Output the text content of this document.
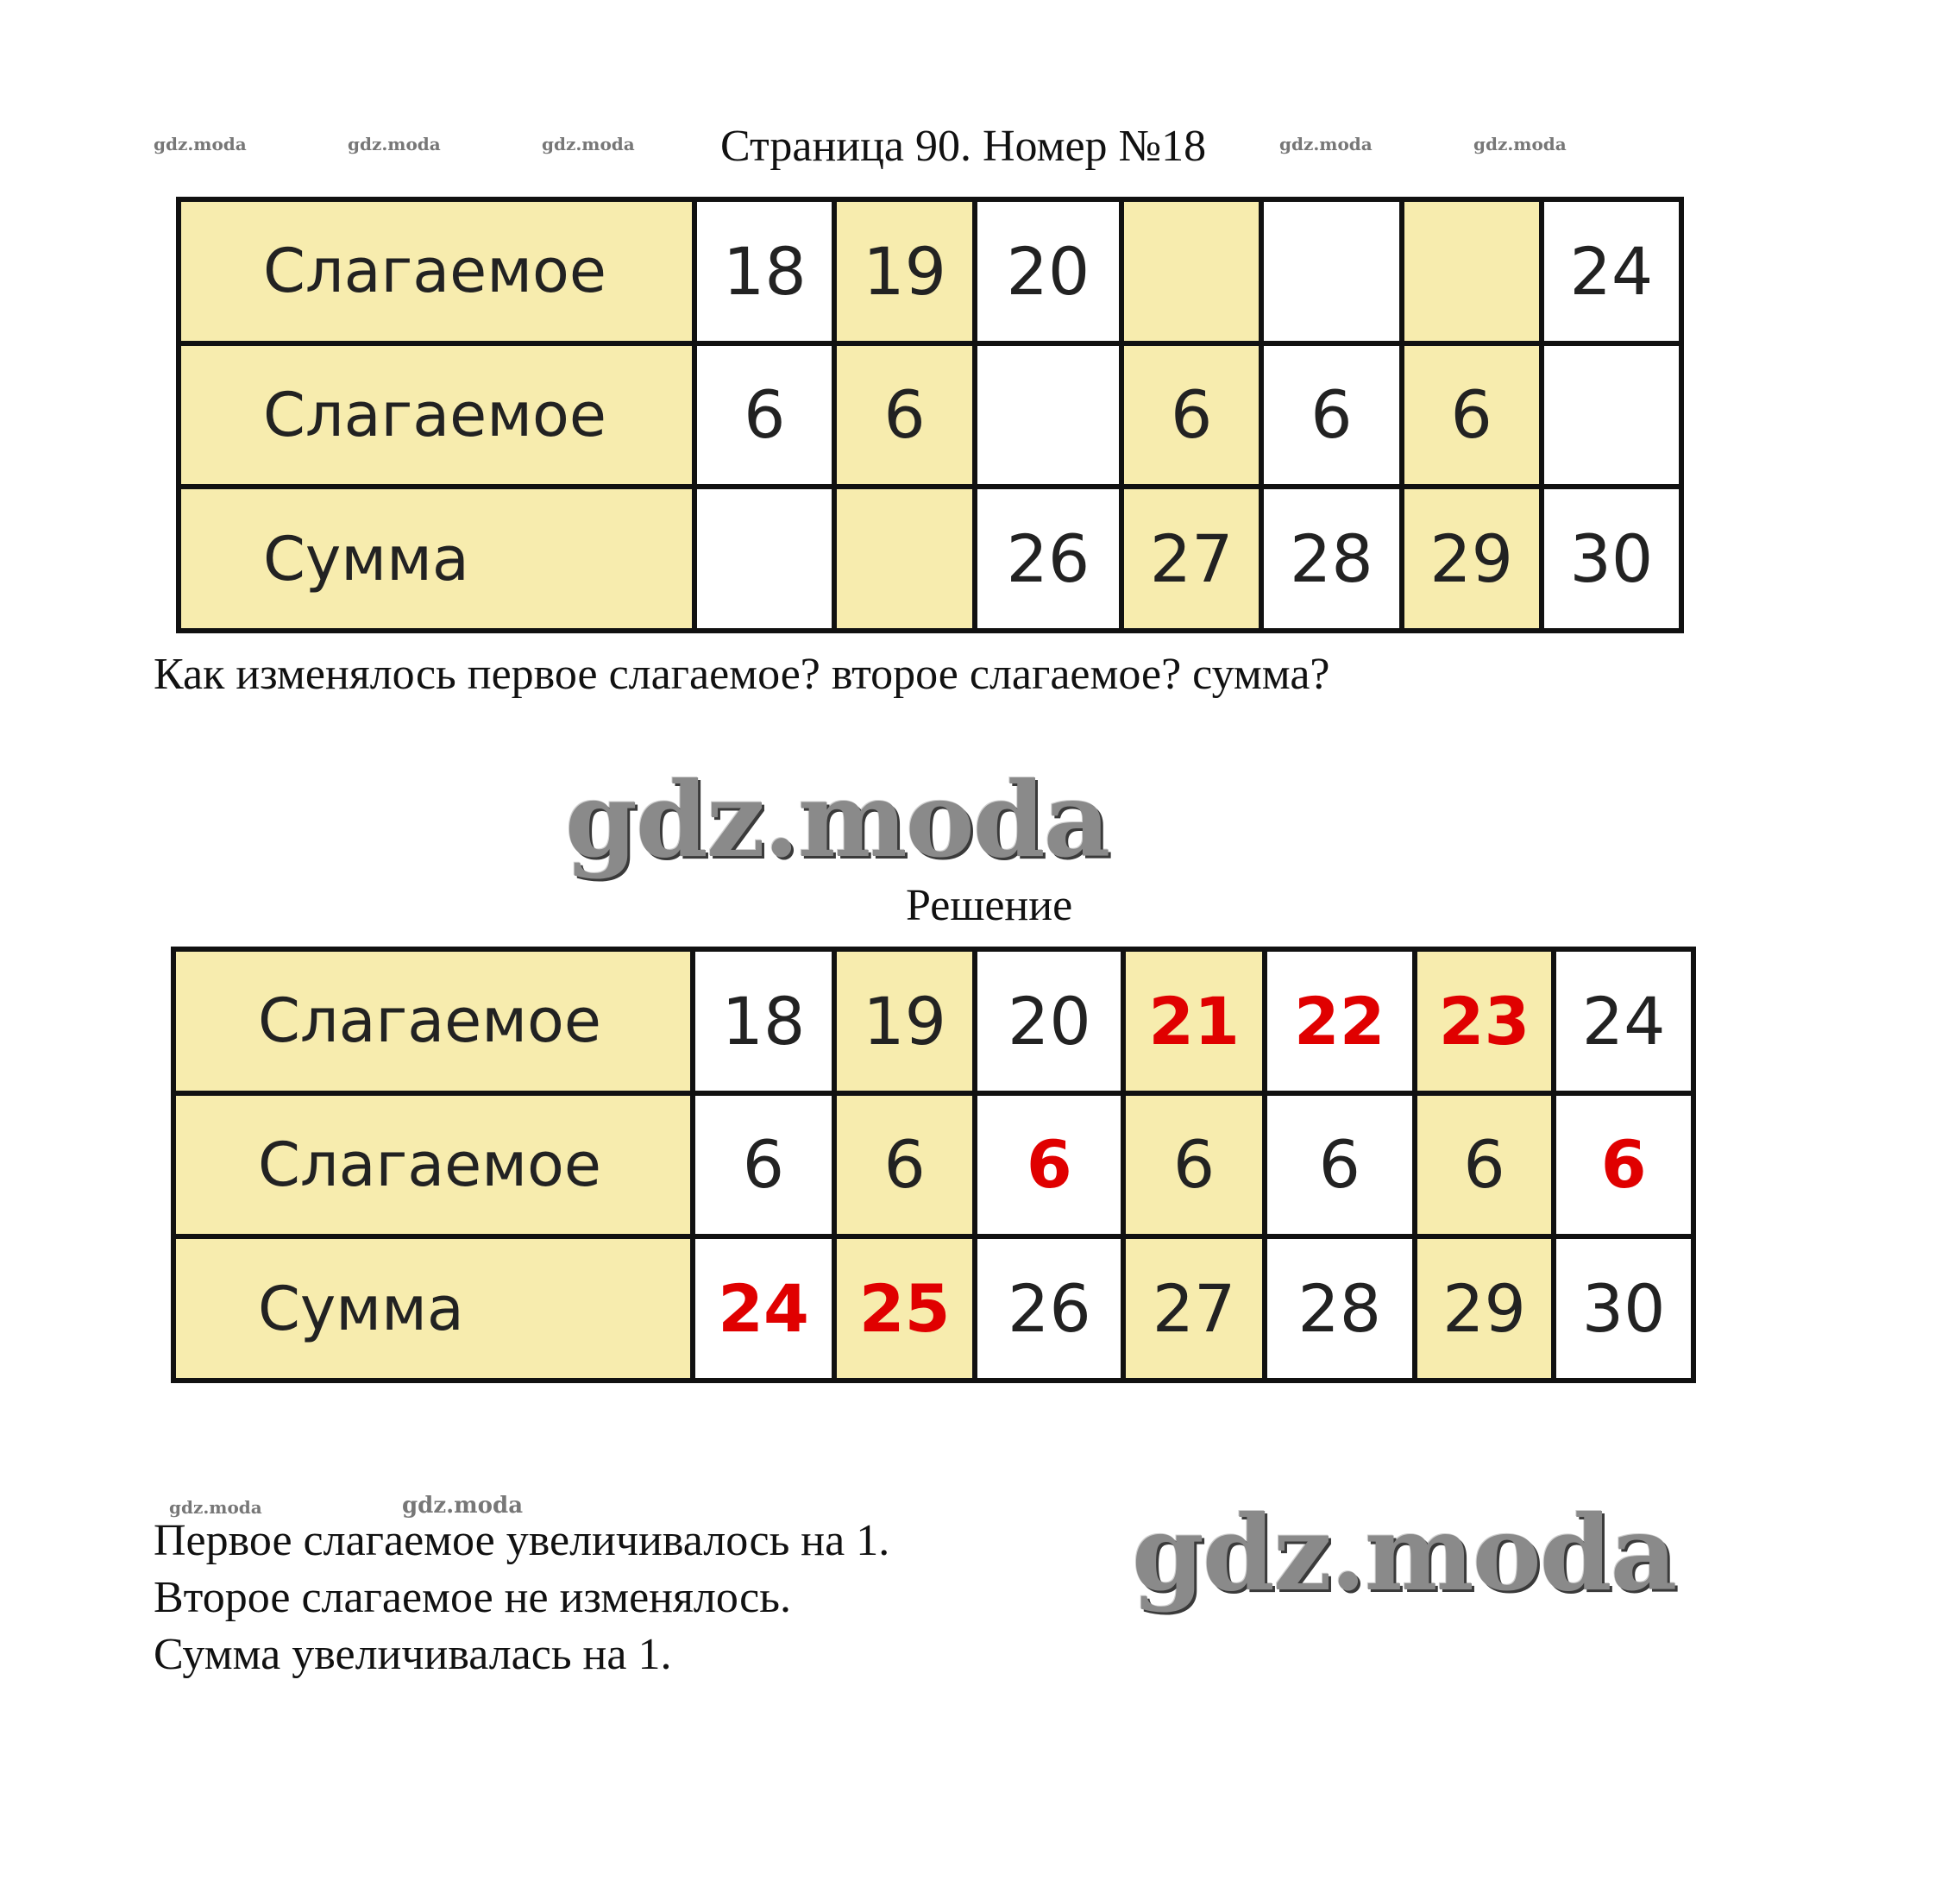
gdz.moda	gdz.moda	gdz.moda	gdz.moda	gdz.moda
gdz.moda	gdz.moda
Страница 90. Номер №18
Слагаемое	18	19	20				24
Слагаемое	6	6		6	6	6	
Сумма			26	27	28	29	30
Как изменялось первое слагаемое? второе слагаемое? сумма?
gdz.moda
Решение
Слагаемое	18	19	20	21	22	23	24
Слагаемое	6	6	6	6	6	6	6
Сумма	24	25	26	27	28	29	30
Первое слагаемое увеличивалось на 1.
Второе слагаемое не изменялось.
Сумма увеличивалась на 1.
gdz.moda
